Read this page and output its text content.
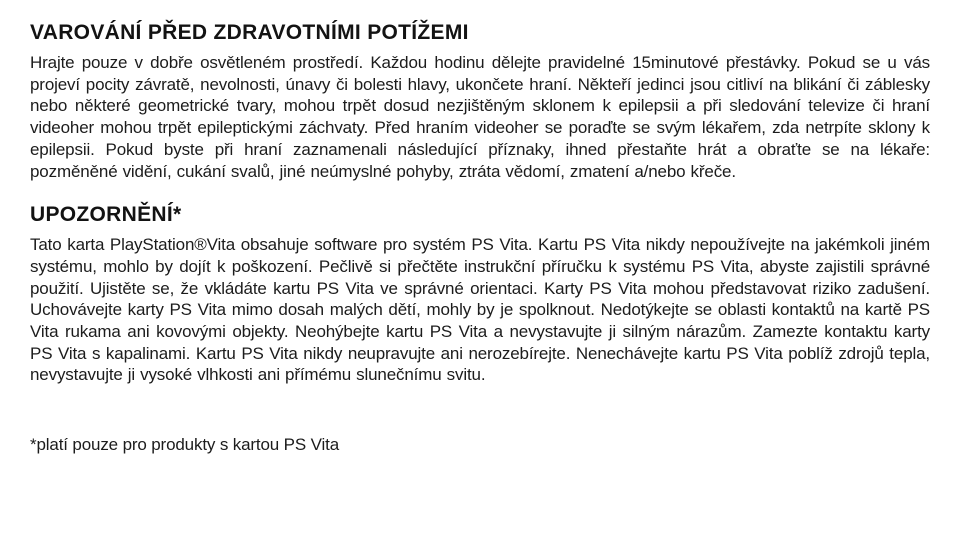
VAROVÁNÍ PŘED ZDRAVOTNÍMI POTÍŽEMI

Hrajte pouze v dobře osvětleném prostředí. Každou hodinu dělejte pravidelné 15minutové přestávky. Pokud se u vás projeví pocity závratě, nevolnosti, únavy či bolesti hlavy, ukončete hraní. Někteří jedinci jsou citliví na blikání či záblesky nebo některé geometrické tvary, mohou trpět dosud nezjištěným sklonem k epilepsii a při sledování televize či hraní videoher mohou trpět epileptickými záchvaty. Před hraním videoher se poraďte se svým lékařem, zda netrpíte sklony k epilepsii. Pokud byste při hraní zaznamenali následující příznaky, ihned přestaňte hrát a obraťte se na lékaře: pozměněné vidění, cukání svalů, jiné neúmyslné pohyby, ztráta vědomí, zmatení a/nebo křeče.

UPOZORNĚNÍ*

Tato karta PlayStation®Vita obsahuje software pro systém PS Vita. Kartu PS Vita nikdy nepoužívejte na jakémkoli jiném systému, mohlo by dojít k poškození. Pečlivě si přečtěte instrukční příručku k systému PS Vita, abyste zajistili správné použití. Ujistěte se, že vkládáte kartu PS Vita ve správné orientaci. Karty PS Vita mohou představovat riziko zadušení. Uchovávejte karty PS Vita mimo dosah malých dětí, mohly by je spolknout. Nedotýkejte se oblasti kontaktů na kartě PS Vita rukama ani kovovými objekty. Neohýbejte kartu PS Vita a nevystavujte ji silným nárazům. Zamezte kontaktu karty PS Vita s kapalinami. Kartu PS Vita nikdy neupravujte ani nerozebírejte. Nenechávejte kartu PS Vita poblíž zdrojů tepla, nevystavujte ji vysoké vlhkosti ani přímému slunečnímu svitu.

*platí pouze pro produkty s kartou PS Vita
